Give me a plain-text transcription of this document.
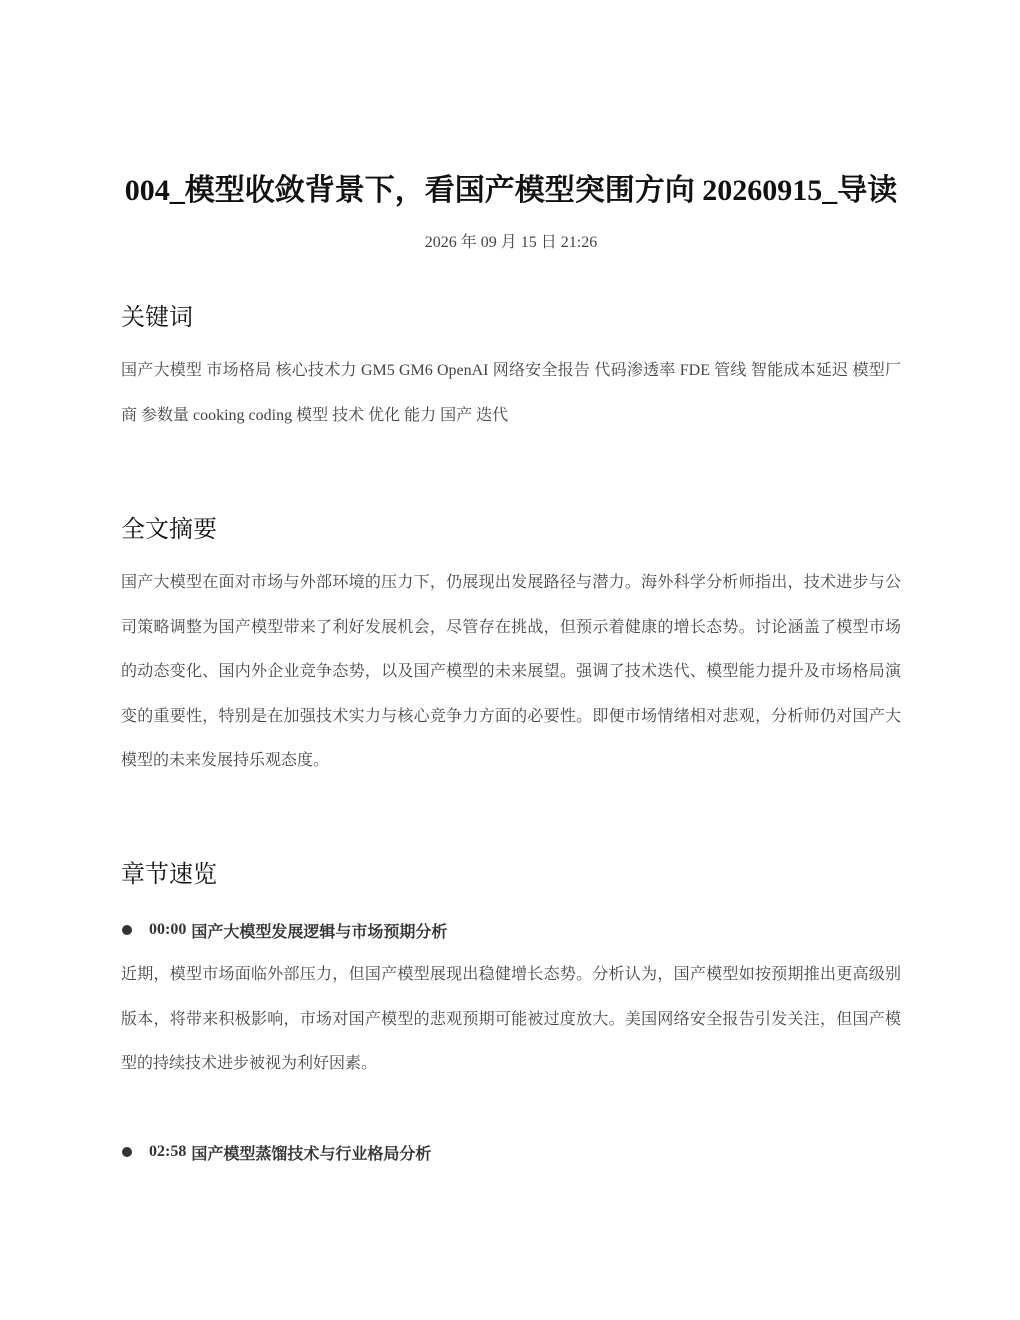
004_模型收敛背景下，看国产模型突围方向 20260915_导读
2026 年 09 月 15 日 21:26
关键词

国产大模型 市场格局 核心技术力 GM5 GM6 OpenAI 网络安全报告 代码渗透率 FDE 管线 智能成本延迟 模型厂商 参数量 cooking coding 模型 技术 优化 能力 国产 迭代

全文摘要

国产大模型在面对市场与外部环境的压力下，仍展现出发展路径与潜力。海外科学分析师指出，技术进步与公司策略调整为国产模型带来了利好发展机会，尽管存在挑战，但预示着健康的增长态势。讨论涵盖了模型市场的动态变化、国内外企业竞争态势，以及国产模型的未来展望。强调了技术迭代、模型能力提升及市场格局演变的重要性，特别是在加强技术实力与核心竞争力方面的必要性。即便市场情绪相对悲观，分析师仍对国产大模型的未来发展持乐观态度。

章节速览
00:00 国产大模型发展逻辑与市场预期分析

近期，模型市场面临外部压力，但国产模型展现出稳健增长态势。分析认为，国产模型如按预期推出更高级别版本，将带来积极影响，市场对国产模型的悲观预期可能被过度放大。美国网络安全报告引发关注，但国产模型的持续技术进步被视为利好因素。

02:58 国产模型蒸馏技术与行业格局分析
